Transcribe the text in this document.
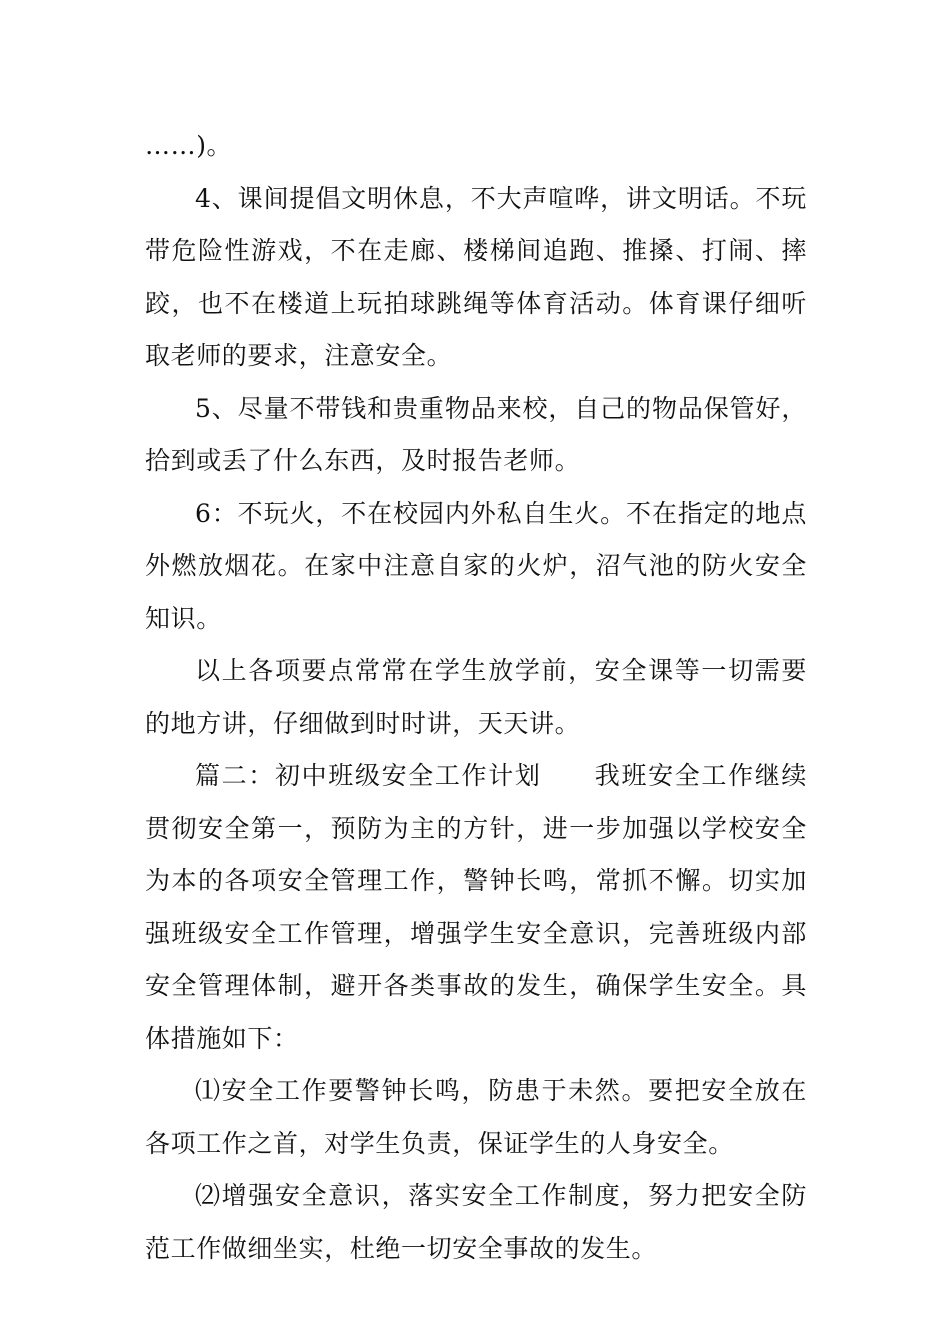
……)。

4、课间提倡文明休息，不大声喧哗，讲文明话。不玩带危险性游戏，不在走廊、楼梯间追跑、推搡、打闹、摔跤，也不在楼道上玩拍球跳绳等体育活动。体育课仔细听取老师的要求，注意安全。

5、尽量不带钱和贵重物品来校，自己的物品保管好，拾到或丢了什么东西，及时报告老师。

6：不玩火，不在校园内外私自生火。不在指定的地点外燃放烟花。在家中注意自家的火炉，沼气池的防火安全知识。

以上各项要点常常在学生放学前，安全课等一切需要的地方讲，仔细做到时时讲，天天讲。

篇二：初中班级安全工作计划　　我班安全工作继续贯彻安全第一，预防为主的方针，进一步加强以学校安全为本的各项安全管理工作，警钟长鸣，常抓不懈。切实加强班级安全工作管理，增强学生安全意识，完善班级内部安全管理体制，避开各类事故的发生，确保学生安全。具体措施如下：

⑴安全工作要警钟长鸣，防患于未然。要把安全放在各项工作之首，对学生负责，保证学生的人身安全。

⑵增强安全意识，落实安全工作制度，努力把安全防范工作做细坐实，杜绝一切安全事故的发生。
